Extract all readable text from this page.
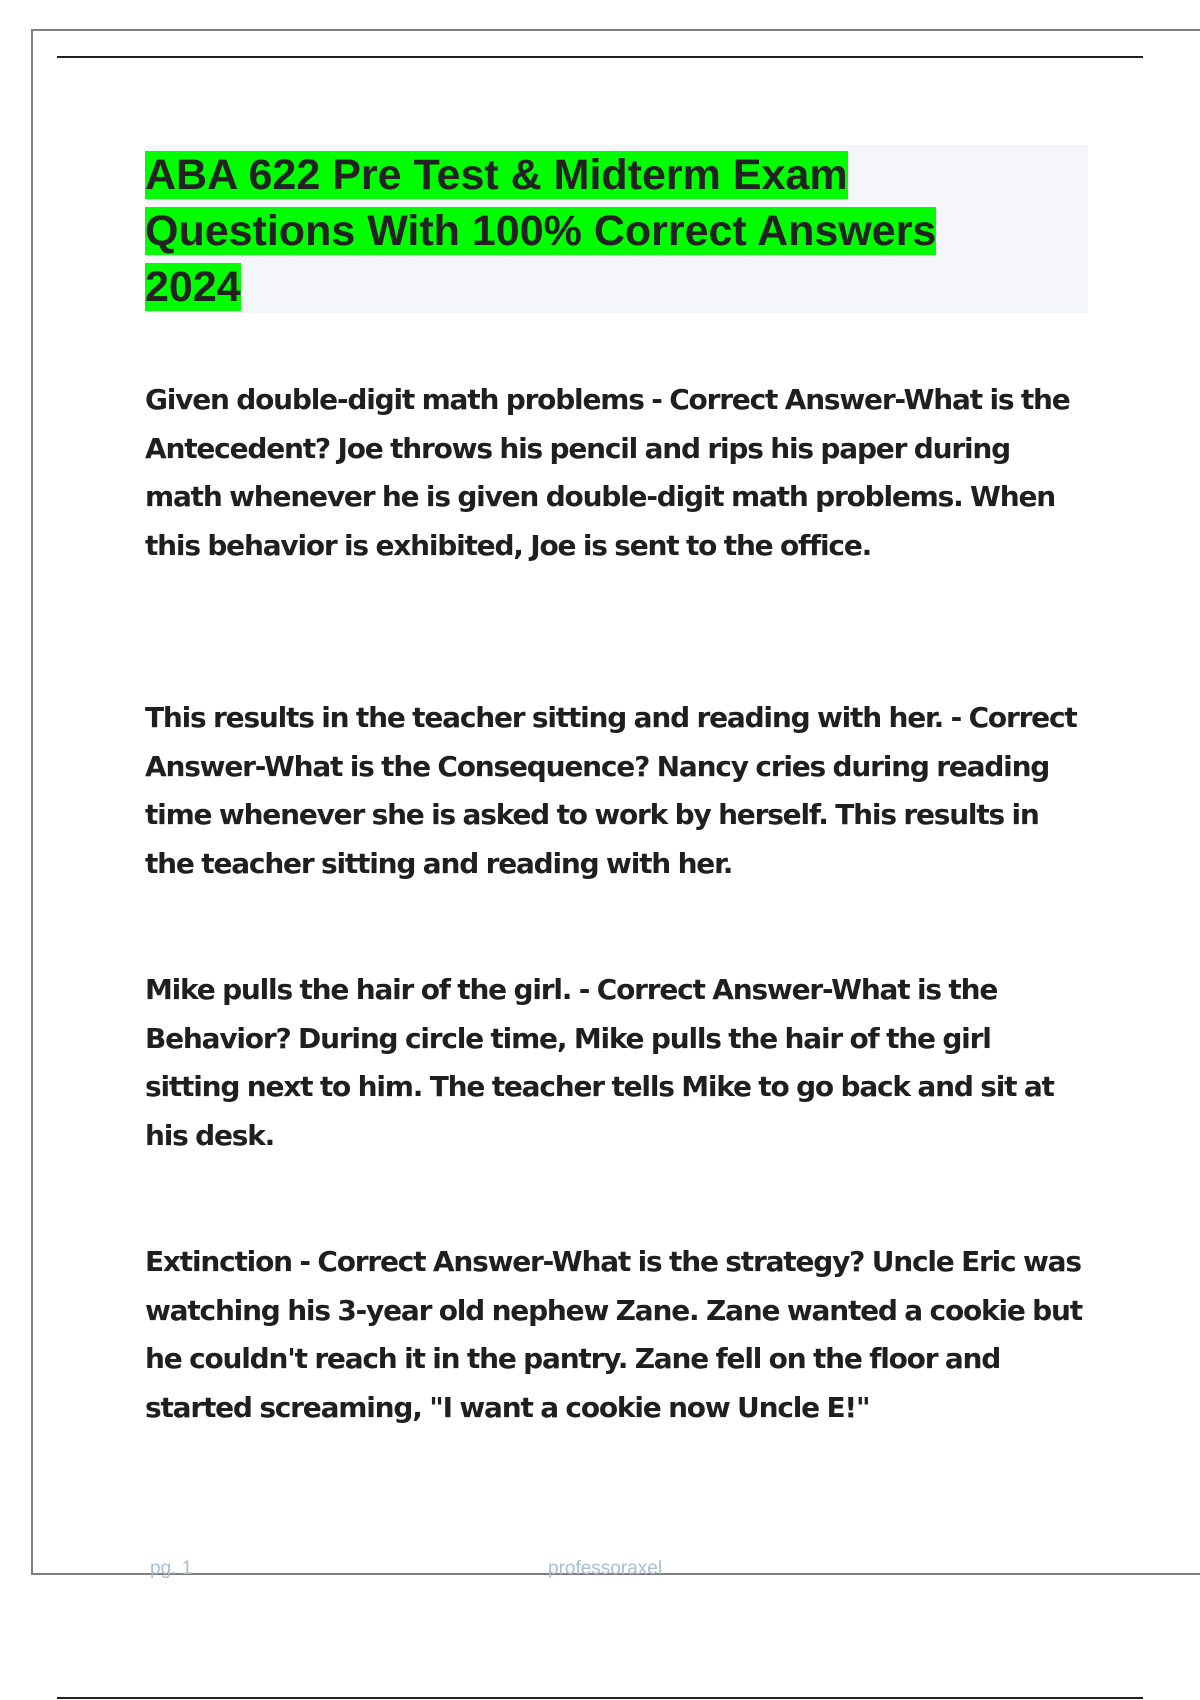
ABA 622 Pre Test & Midterm Exam
Questions With 100% Correct Answers
2024

Given double-digit math problems - Correct Answer-What is the Antecedent? Joe throws his pencil and rips his paper during math whenever he is given double-digit math problems. When this behavior is exhibited, Joe is sent to the office.

This results in the teacher sitting and reading with her. - Correct Answer-What is the Consequence? Nancy cries during reading time whenever she is asked to work by herself. This results in the teacher sitting and reading with her.

Mike pulls the hair of the girl. - Correct Answer-What is the Behavior? During circle time, Mike pulls the hair of the girl sitting next to him. The teacher tells Mike to go back and sit at his desk.

Extinction - Correct Answer-What is the strategy? Uncle Eric was watching his 3-year old nephew Zane. Zane wanted a cookie but he couldn't reach it in the pantry. Zane fell on the floor and started screaming, "I want a cookie now Uncle E!"

pg. 1	professoraxel
